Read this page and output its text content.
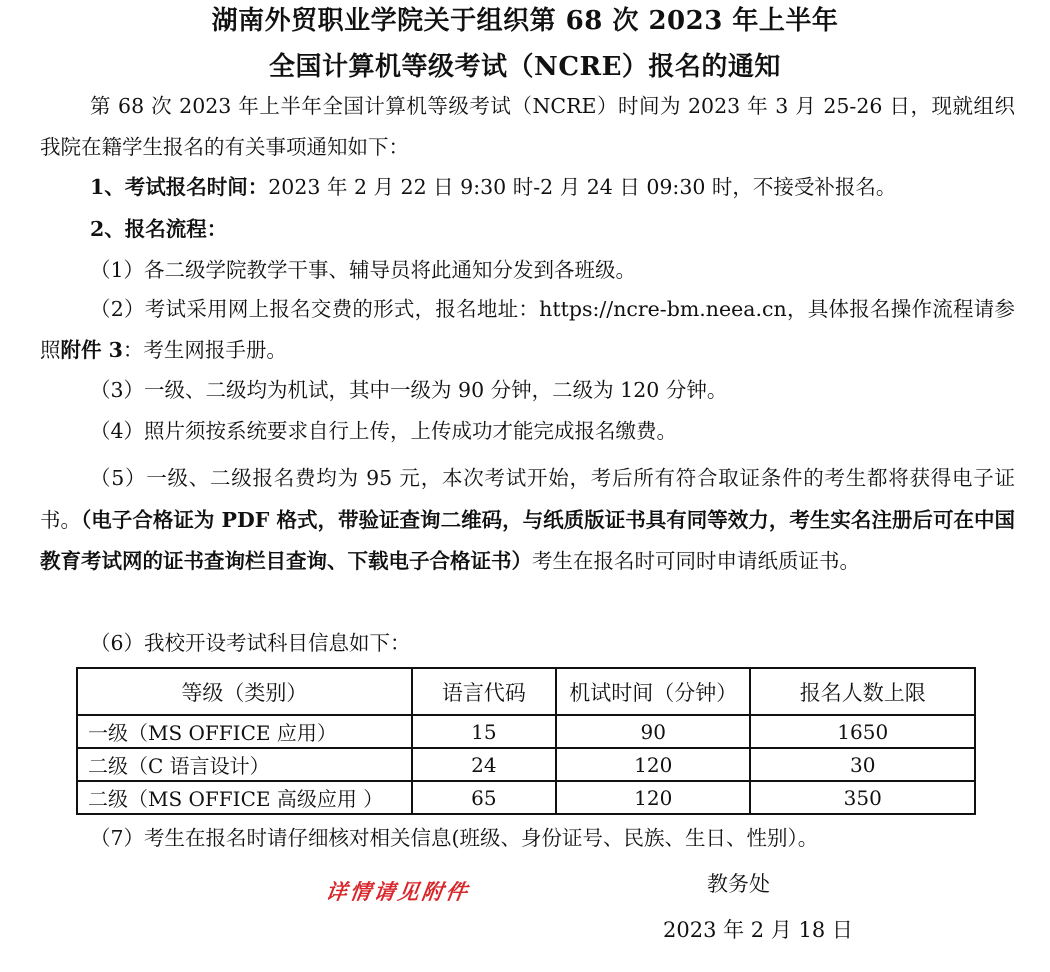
湖南外贸职业学院关于组织第 68 次 2023 年上半年
全国计算机等级考试（NCRE）报名的通知
第 68 次 2023 年上半年全国计算机等级考试（NCRE）时间为 2023 年 3 月 25-26 日，现就组织我院在籍学生报名的有关事项通知如下：
1、考试报名时间：2023 年 2 月 22 日 9:30 时-2 月 24 日 09:30 时，不接受补报名。
2、报名流程：
（1）各二级学院教学干事、辅导员将此通知分发到各班级。
（2）考试采用网上报名交费的形式，报名地址：https://ncre-bm.neea.cn，具体报名操作流程请参照附件 3：考生网报手册。
（3）一级、二级均为机试，其中一级为 90 分钟，二级为 120 分钟。
（4）照片须按系统要求自行上传，上传成功才能完成报名缴费。
（5）一级、二级报名费均为 95 元，本次考试开始，考后所有符合取证条件的考生都将获得电子证书。（电子合格证为 PDF 格式，带验证查询二维码，与纸质版证书具有同等效力，考生实名注册后可在中国教育考试网的证书查询栏目查询、下载电子合格证书）考生在报名时可同时申请纸质证书。
（6）我校开设考试科目信息如下：
等级（类别）	语言代码	机试时间（分钟）	报名人数上限
一级（MS OFFICE 应用）	15	90	1650
二级（C 语言设计）	24	120	30
二级（MS OFFICE 高级应用 ）	65	120	350
（7）考生在报名时请仔细核对相关信息(班级、身份证号、民族、生日、性别）。
详情请见附件	教务处
2023 年 2 月 18 日
